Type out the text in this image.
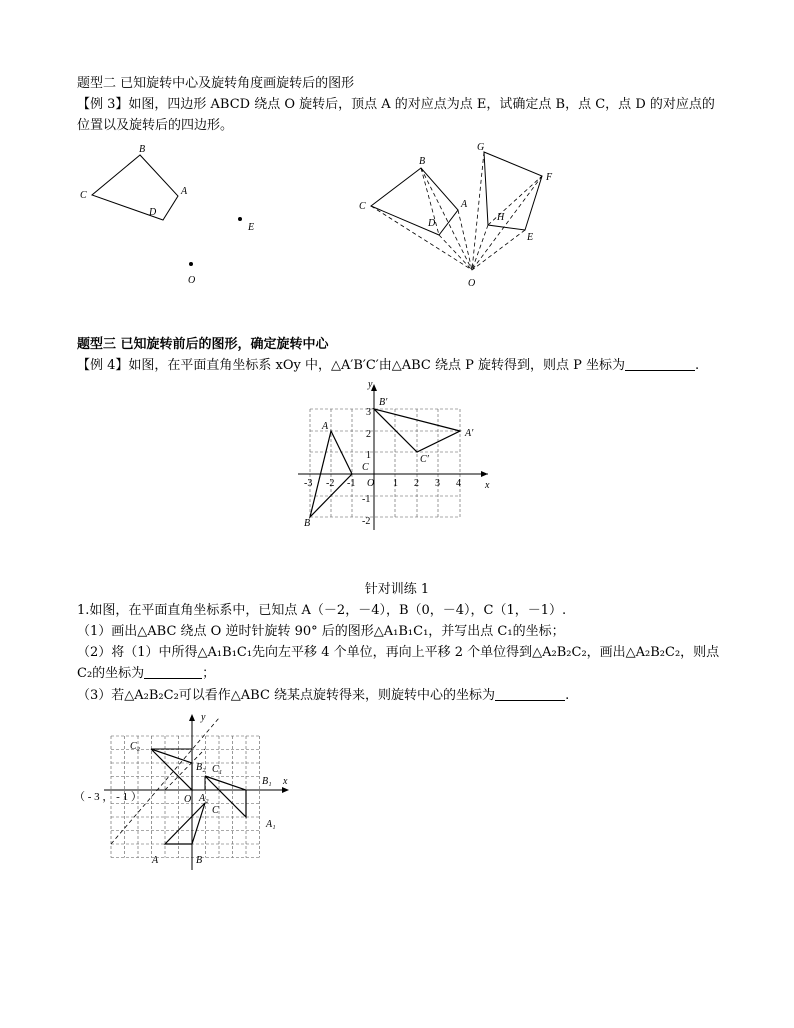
题型二 已知旋转中心及旋转角度画旋转后的图形
【例 3】如图，四边形 ABCD 绕点 O 旋转后，顶点 A 的对应点为点 E，试确定点 B，点 C，点 D 的对应点的
位置以及旋转后的四边形。
B
C	A
D
E
O
B
C	A
D
G
F
H
E
O
题型三 已知旋转前后的图形，确定旋转中心
【例 4】如图，在平面直角坐标系 xOy 中，△A′B′C′由△ABC 绕点 P 旋转得到，则点 P 坐标为	.
y
x
O
-3 -2 -1	1 2 3 4
3
2
1
-1
-2
B′
A
A′
C
C′
B
针对训练 1
1.如图，在平面直角坐标系中，已知点 A（－2，－4），B（0，－4），C（1，－1）.
（1）画出△ABC 绕点 O 逆时针旋转 90° 后的图形△A₁B₁C₁，并写出点 C₁的坐标；
（2）将（1）中所得△A₁B₁C₁先向左平移 4 个单位，再向上平移 2 个单位得到△A₂B₂C₂，画出△A₂B₂C₂，则点
C₂的坐标为	；
（3）若△A₂B₂C₂可以看作△ABC 绕某点旋转得来，则旋转中心的坐标为	.
y
x
O
C₂
B₂ C₁
B₁
A₁
A₂
C
A	B
（ - 3 ， - 1 ）
